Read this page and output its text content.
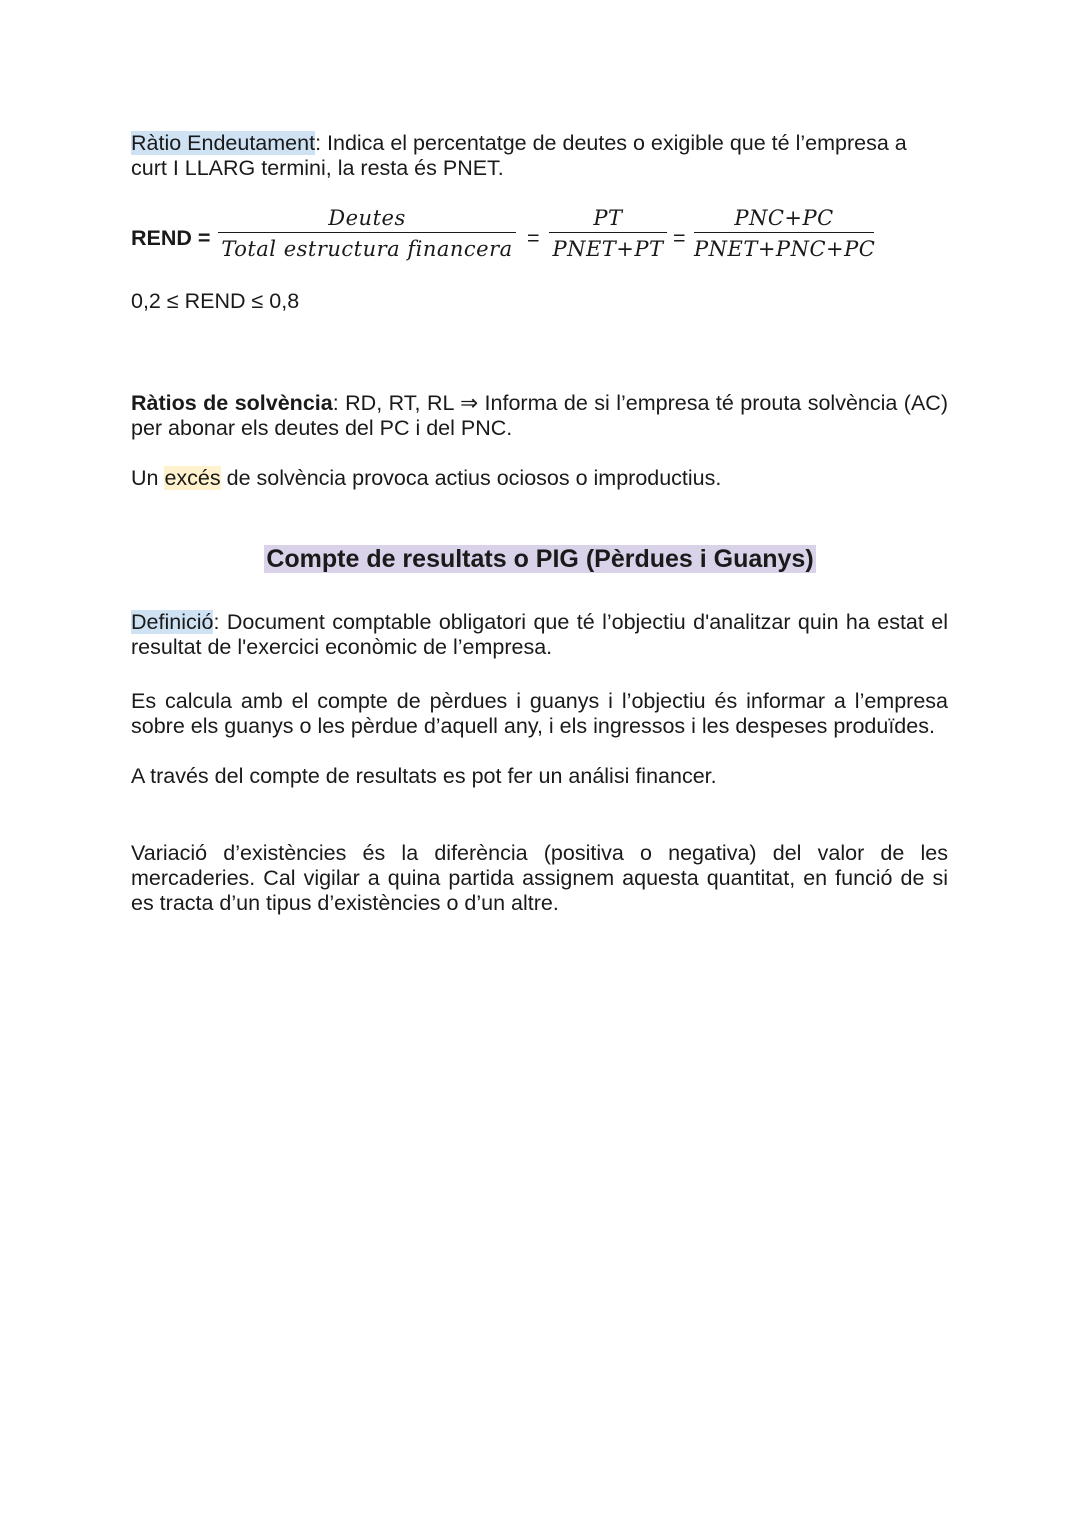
Ràtio Endeutament: Indica el percentatge de deutes o exigible que té l’empresa a curt I LLARG termini, la resta és PNET.

REND =
Deutes
Total estructura financera =
PT
PNET+PT =
PNC+PC
PNET+PNC+PC
0,2 ≤ REND ≤ 0,8

Ràtios de solvència: RD, RT, RL ⇒ Informa de si l’empresa té prouta solvència (AC) per abonar els deutes del PC i del PNC.

Un excés de solvència provoca actius ociosos o improductius.

Compte de resultats o PIG (Pèrdues i Guanys)

Definició: Document comptable obligatori que té l’objectiu d'analitzar quin ha estat el resultat de l'exercici econòmic de l’empresa.

Es calcula amb el compte de pèrdues i guanys i l’objectiu és informar a l’empresa sobre els guanys o les pèrdue d’aquell any, i els ingressos i les despeses produïdes.

A través del compte de resultats es pot fer un análisi financer.

Variació d’existències és la diferència (positiva o negativa) del valor de les mercaderies. Cal vigilar a quina partida assignem aquesta quantitat, en funció de si es tracta d’un tipus d’existències o d’un altre.
